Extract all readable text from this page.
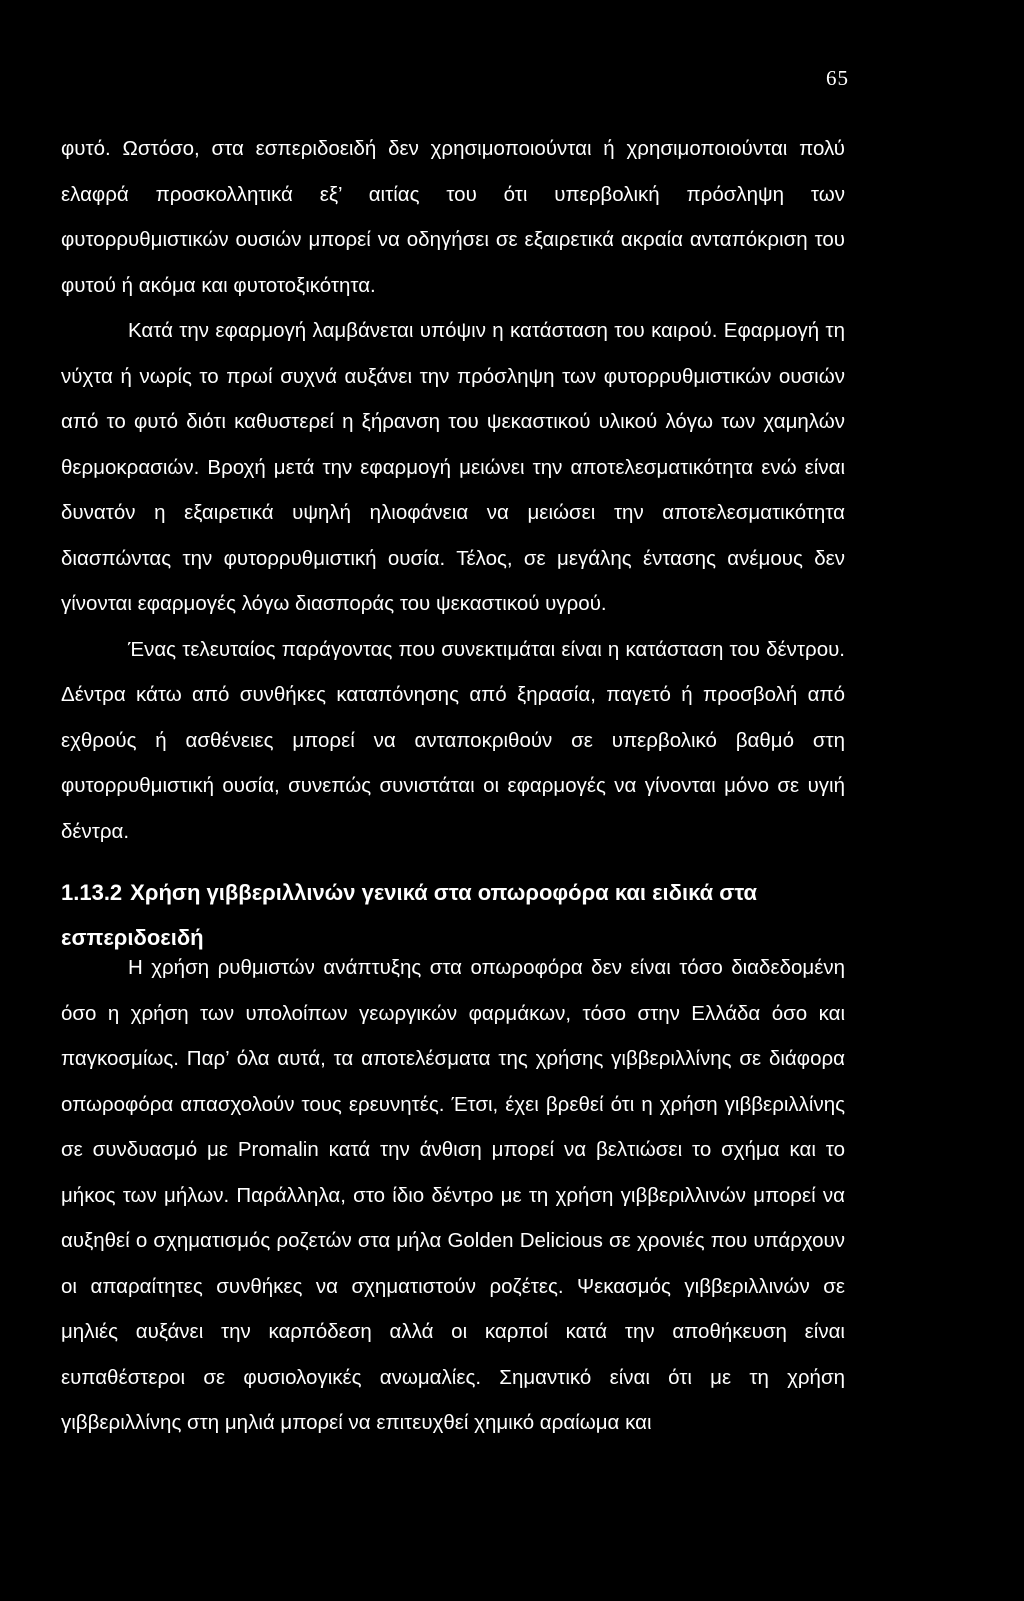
65

φυτό. Ωστόσο, στα εσπεριδοειδή δεν χρησιμοποιούνται ή χρησιμοποιούνται πολύ ελαφρά προσκολλητικά εξ’ αιτίας του ότι υπερβολική πρόσληψη των φυτορρυθμιστικών ουσιών μπορεί να οδηγήσει σε εξαιρετικά ακραία ανταπόκριση του φυτού ή ακόμα και φυτοτοξικότητα.

Κατά την εφαρμογή λαμβάνεται υπόψιν η κατάσταση του καιρού. Εφαρμογή τη νύχτα ή νωρίς το πρωί συχνά αυξάνει την πρόσληψη των φυτορρυθμιστικών ουσιών από το φυτό διότι καθυστερεί η ξήρανση του ψεκαστικού υλικού λόγω των χαμηλών θερμοκρασιών. Βροχή μετά την εφαρμογή μειώνει την αποτελεσματικότητα ενώ είναι δυνατόν η εξαιρετικά υψηλή ηλιοφάνεια να μειώσει την αποτελεσματικότητα διασπώντας την φυτορρυθμιστική ουσία. Τέλος, σε μεγάλης έντασης ανέμους δεν γίνονται εφαρμογές λόγω διασποράς του ψεκαστικού υγρού.

Ένας τελευταίος παράγοντας που συνεκτιμάται είναι η κατάσταση του δέντρου. Δέντρα κάτω από συνθήκες καταπόνησης από ξηρασία, παγετό ή προσβολή από εχθρούς ή ασθένειες μπορεί να ανταποκριθούν σε υπερβολικό βαθμό στη φυτορρυθμιστική ουσία, συνεπώς συνιστάται οι εφαρμογές να γίνονται μόνο σε υγιή δέντρα.

1.13.2 Χρήση γιββεριλλινών γενικά στα οπωροφόρα και ειδικά στα εσπεριδοειδή

Η χρήση ρυθμιστών ανάπτυξης στα οπωροφόρα δεν είναι τόσο διαδεδομένη όσο η χρήση των υπολοίπων γεωργικών φαρμάκων, τόσο στην Ελλάδα όσο και παγκοσμίως. Παρ’ όλα αυτά, τα αποτελέσματα της χρήσης γιββεριλλίνης σε διάφορα οπωροφόρα απασχολούν τους ερευνητές. Έτσι, έχει βρεθεί ότι η χρήση γιββεριλλίνης σε συνδυασμό με Promalin κατά την άνθιση μπορεί να βελτιώσει το σχήμα και το μήκος των μήλων. Παράλληλα, στο ίδιο δέντρο με τη χρήση γιββεριλλινών μπορεί να αυξηθεί ο σχηματισμός ροζετών στα μήλα Golden Delicious σε χρονιές που υπάρχουν οι απαραίτητες συνθήκες να σχηματιστούν ροζέτες. Ψεκασμός γιββεριλλινών σε μηλιές αυξάνει την καρπόδεση αλλά οι καρποί κατά την αποθήκευση είναι ευπαθέστεροι σε φυσιολογικές ανωμαλίες. Σημαντικό είναι ότι με τη χρήση γιββεριλλίνης στη μηλιά μπορεί να επιτευχθεί χημικό αραίωμα και
